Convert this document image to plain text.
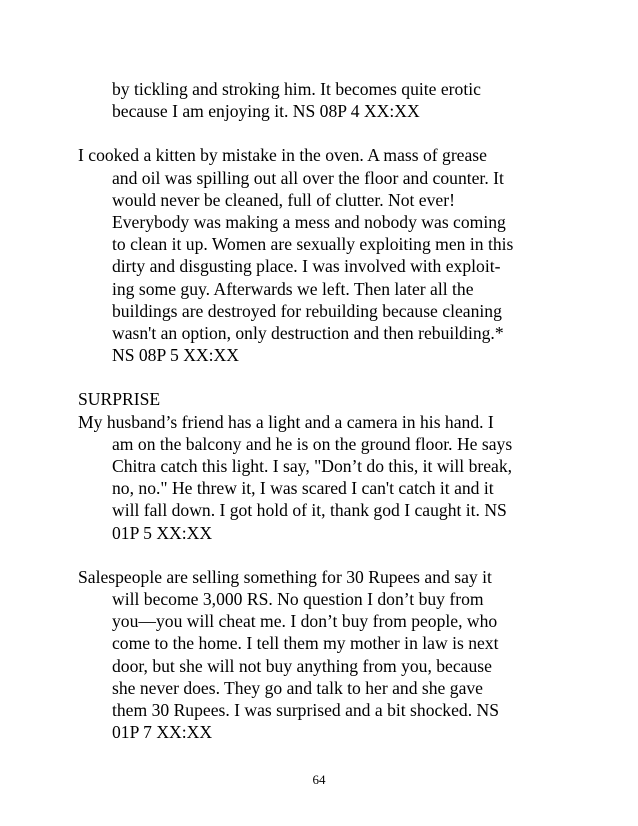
by tickling and stroking him. It becomes quite erotic
because I am enjoying it. NS 08P 4 XX:XX

I cooked a kitten by mistake in the oven. A mass of grease
and oil was spilling out all over the floor and counter. It
would never be cleaned, full of clutter. Not ever!
Everybody was making a mess and nobody was coming
to clean it up. Women are sexually exploiting men in this
dirty and disgusting place. I was involved with exploit-
ing some guy. Afterwards we left. Then later all the
buildings are destroyed for rebuilding because cleaning
wasn't an option, only destruction and then rebuilding.*
NS 08P 5 XX:XX

SURPRISE

My husband’s friend has a light and a camera in his hand. I
am on the balcony and he is on the ground floor. He says
Chitra catch this light. I say, "Don’t do this, it will break,
no, no." He threw it, I was scared I can't catch it and it
will fall down. I got hold of it, thank god I caught it. NS
01P 5 XX:XX

Salespeople are selling something for 30 Rupees and say it
will become 3,000 RS. No question I don’t buy from
you—you will cheat me. I don’t buy from people, who
come to the home. I tell them my mother in law is next
door, but she will not buy anything from you, because
she never does. They go and talk to her and she gave
them 30 Rupees. I was surprised and a bit shocked. NS
01P 7 XX:XX

64
